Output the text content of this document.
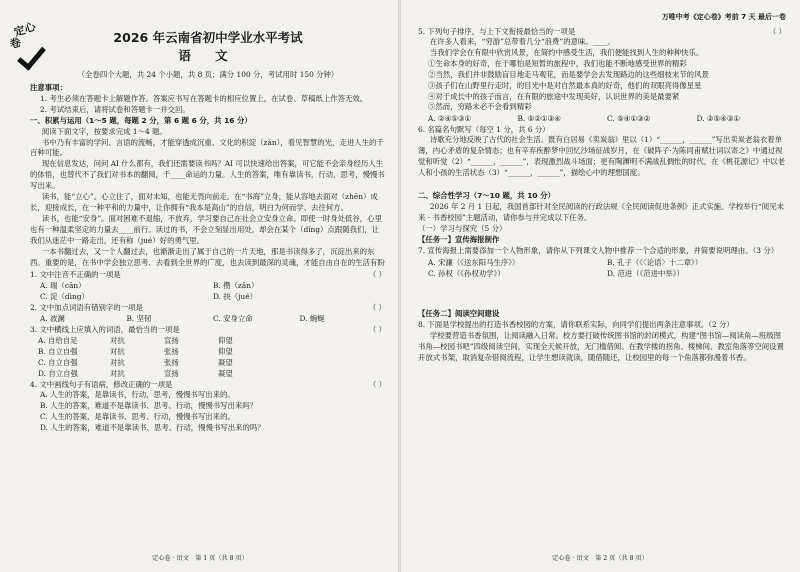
定心
卷	2026 年云南省初中学业水平考试

语 文

（全卷四个大题，共 24 个小题，共 8 页；满分 100 分，考试用时 150 分钟）

注意事项：

1. 考生必须在答题卡上解题作答。答案应书写在答题卡的相应位置上，在试卷、草稿纸上作答无效。

2. 考试结束后，请将试卷和答题卡一并交回。

一、积累与运用（1～5 题，每题 2 分，第 6 题 6 分，共 16 分）

阅读下面文字，按要求完成 1～4 题。

书中乃有丰富的学问、言语的流畅，才能穿透成沉重、文化的积淀（zàn），看见智慧的光，走进人生的千百种可能。

现在信息发达，问问 AI 什么都有，我们还需要读书吗？AI 可以快速给出答案，可它能不会亲身经历人生的体悟，也替代不了我们对书本的翻阅，千____命运的力量。人生的答案，唯有靠读书，行动，思考，慢慢书写出来。

读书，能“立心”。心立住了，面对未知，也能无畏向前走。在“书海”立身，能从容地去面对（zhēn）成长，迎接成长，在一种平和的力量中，让你拥有“我本是高山”的自信，明白为何而学、去往何方。

读书，也能“安身”。面对困难不退缩，不放弃，学习要自己在社会立安身立命。即使一时身处低谷，心里也有一种温柔坚定的力量去____前行。读过的书，不会立刻显出用处，却会在某个（dǐng）点跟随我们，让我们从迷茫中一路走出，还有称（jué）好的勇气里。

一本书翻过去，又一个人翻过去，也渐渐走出了属于自己的一片天地，那是书读得多了，沉淀出来的东西。重要的是，在书中学会独立思考、去看到全世界的广度，也去读到最深的灵魂，才能自由自在的生活有盼

1. 文中注音不正确的一项是	（ ）
A. 瑞（cān）	B. 攒（zǎn）
C. 淀（dìng）	D. 抉（jué）
2. 文中加点词语有错别字的一项是	（ ）
A. 波澜	B. 坚韧	C. 安身立命	D. 蜿蜒
3. 文中横线上应填入的词语，最恰当的一项是	（ ）
A. 自给自足	对抗	宣扬	仰望
B. 自立自强	对抗	张扬	仰望
C. 自立自强	对抗	张扬	凝望
D. 自立自强	对抗	宣扬	凝望
4. 文中画线句子有语病，修改正确的一项是	（ ）

A. 人生的答案，是靠读书，行动，思考，慢慢书写出来的。

B. 人生的答案，难道不是靠读书、思考、行动，慢慢书写出来吗？

C. 人生的答案，是靠读书、思考、行动，慢慢书写出来的。

D. 人生的答案，难道不是靠读书、思考、行动，慢慢书写出来的吗？

定心卷 · 语文　第 1 页（共 8 页）

万唯中考《定心卷》考前 7 天 最后一卷

5. 下列句子排序，与上下文衔接最恰当的一项是	（ ）

在许多人看来，“穷游”总带着几分“浪费”的意味。____。

当我们学会在有限中欣赏风景，在简约中感受生活，我们便能找到人生的种种快乐。

①生命本身的好奇，在于哪怕是短暂的旅程中，我们也能不断地感受世界的精彩

②当然，我们并非鼓励盲目地走马观花，而是要学会去发现路边的这些细枝末节的风景

③孩子们在山野里行走时，的目光中是对自然最本真的好奇，他们的双眼亮得像星星

④对于成长中的孩子而言，在有限的旅途中发现美好，认识世界的美是最要紧

⑤然而，穷路未必不会看到精彩

A. ②④⑤③①	B. ⑤②①③④	C. ⑤④①③②	D. ②⑤④③①

6. 名篇名句默写（每空 1 分，共 6 分）

诗歌充分地反映了古代的社会生活。既有白居易《卖炭翁》里以（1）“______，______”写出卖炭老翁衣着单薄，内心矛盾的复杂情态；也有辛弃疾醉梦中回忆沙场征战岁月，在《破阵子·为陈同甫赋壮词以寄之》中通过视觉和听觉（2）“______，______”，表现激烈战斗场面；更有陶渊明不满战乱惆怅的时代，在《桃花源记》中以老人和小孩的生活状态（3）“______，______”，描绘心中的理想国度。

二、综合性学习（7～10 题，共 10 分）

2026 年 2 月 1 日起，我国首部针对全民阅读的行政法规《全民阅读促进条例》正式实施。学校举行“阅见未来 · 书香校园”主题活动，请你参与并完成以下任务。

（一）学习与探究（5 分）

【任务一】宣传海报制作

7. 宣传海报上需要添加一个人物形象，请你从下列课文人物中推荐一个合适的形象，并简要说明理由。（3 分）

A. 宋濂（《送东阳马生序》）	B. 孔子（《〈论语〉十二章》）
C. 孙权（《孙权劝学》）	D. 范进（《范进中举》）

【任务二】阅读空间建设

8. 下面是学校提出的打造书香校园的方案，请你联系实际，向同学们提出两条注意事项。（2 分）

学校要营造书香氛围，让阅读融入日常。校方要打破传统图书馆的封闭模式，构建“图书馆—阅读角—班级图书角—校园书吧”四级阅读空间，实现全天候开放，无门槛借阅。在教学楼的拐角、楼梯间、教室角落等空间设置开放式书架，取消复杂借阅流程，让学生想读就读，随借随还，让校园里的每一个角落都弥漫着书香。

定心卷 · 语文　第 2 页（共 8 页）
